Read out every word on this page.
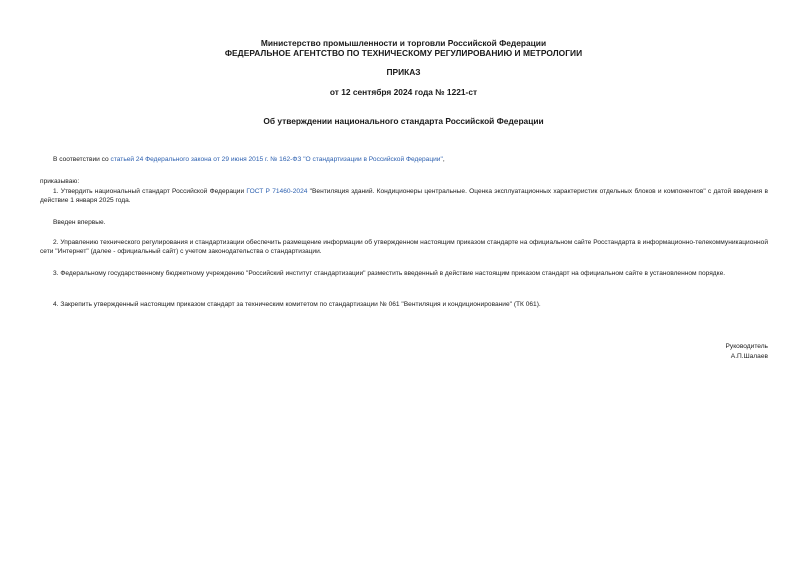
Министерство промышленности и торговли Российской Федерации
ФЕДЕРАЛЬНОЕ АГЕНТСТВО ПО ТЕХНИЧЕСКОМУ РЕГУЛИРОВАНИЮ И МЕТРОЛОГИИ
ПРИКАЗ
от 12 сентября 2024 года № 1221-ст
Об утверждении национального стандарта Российской Федерации
В соответствии со статьей 24 Федерального закона от 29 июня 2015 г. № 162-ФЗ "О стандартизации в Российской Федерации",
приказываю:
1. Утвердить национальный стандарт Российской Федерации ГОСТ Р 71460-2024 "Вентиляция зданий. Кондиционеры центральные. Оценка эксплуатационных характеристик отдельных блоков и компонентов" с датой введения в действие 1 января 2025 года.
Введен впервые.
2. Управлению технического регулирования и стандартизации обеспечить размещение информации об утвержденном настоящим приказом стандарте на официальном сайте Росстандарта в информационно-телекоммуникационной сети "Интернет" (далее - официальный сайт) с учетом законодательства о стандартизации.
3. Федеральному государственному бюджетному учреждению "Российский институт стандартизации" разместить введенный в действие настоящим приказом стандарт на официальном сайте в установленном порядке.
4. Закрепить утвержденный настоящим приказом стандарт за техническим комитетом по стандартизации № 061 "Вентиляция и кондиционирование" (ТК 061).
Руководитель
А.П.Шалаев
